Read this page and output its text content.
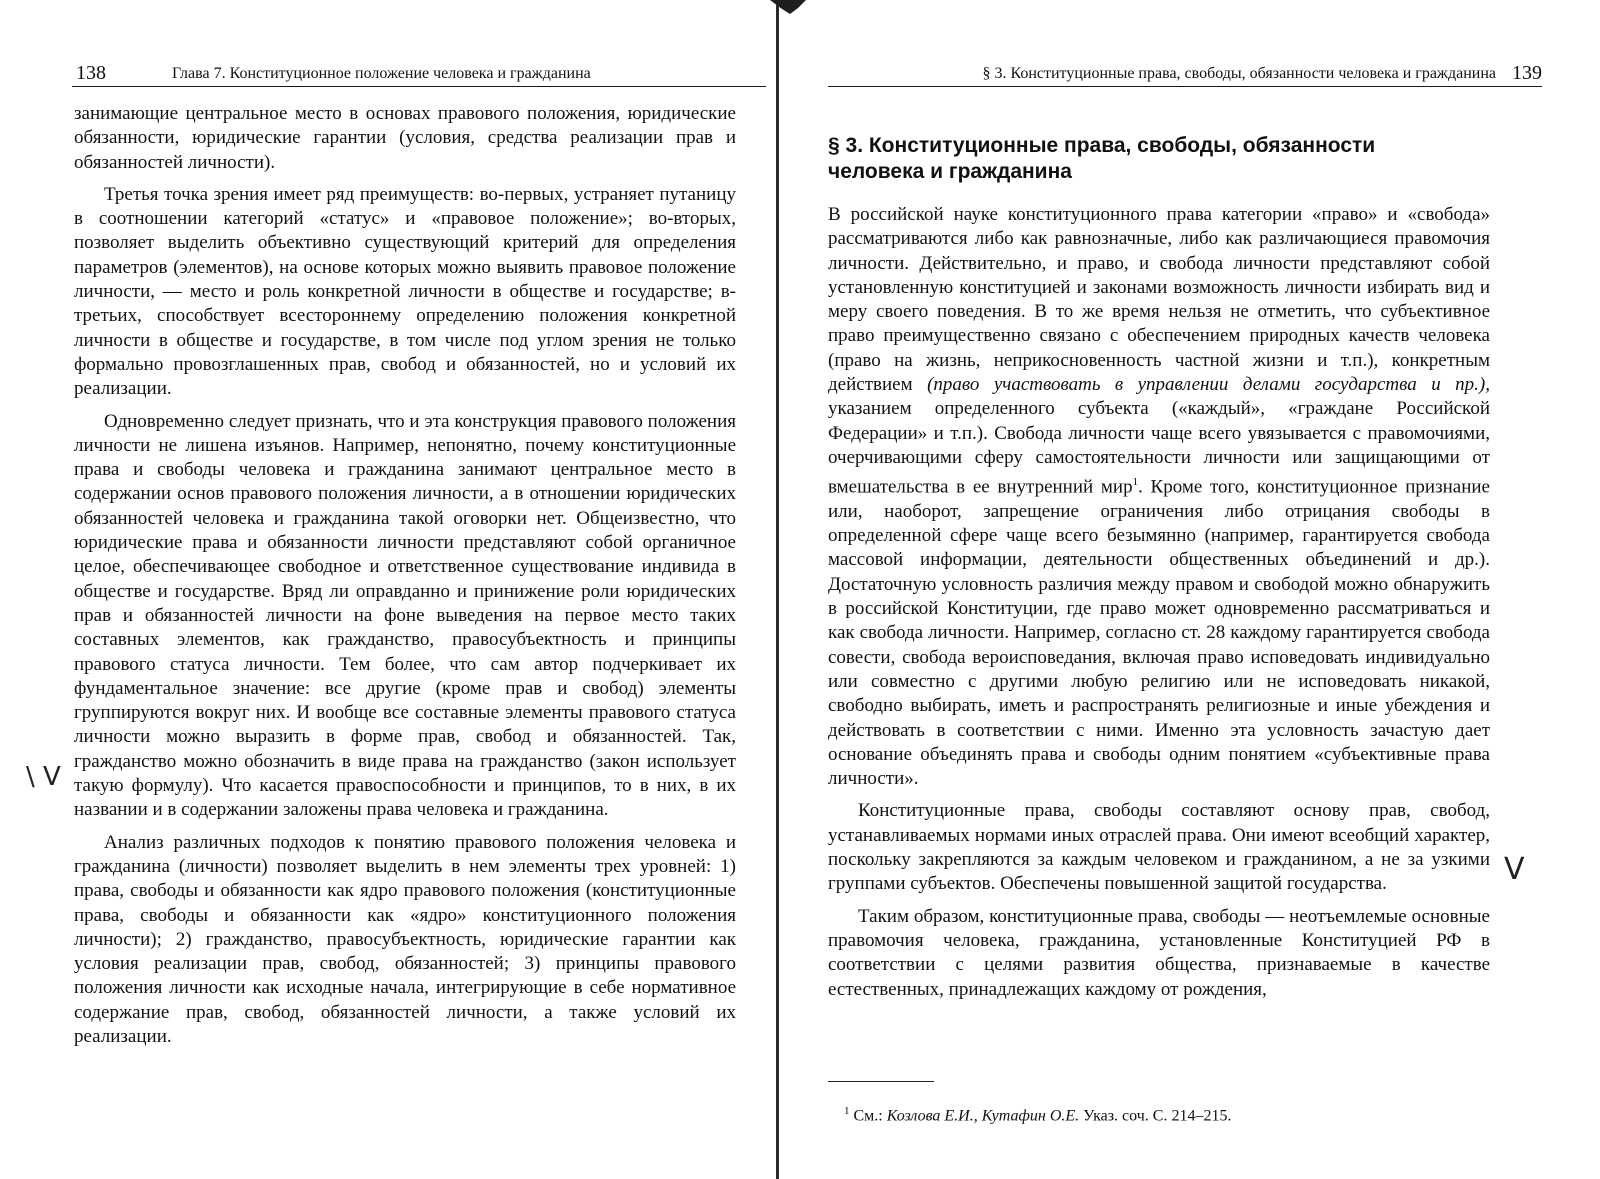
138	Глава 7. Конституционное положение человека и гражданина

занимающие центральное место в основах правового положения, юридические обязанности, юридические гарантии (условия, средства реализации прав и обязанностей личности).

Третья точка зрения имеет ряд преимуществ: во-первых, устраняет путаницу в соотношении категорий «статус» и «правовое положение»; во-вторых, позволяет выделить объективно существующий критерий для определения параметров (элементов), на основе которых можно выявить правовое положение личности, — место и роль конкретной личности в обществе и государстве; в-третьих, способствует всестороннему определению положения конкретной личности в обществе и государстве, в том числе под углом зрения не только формально провозглашенных прав, свобод и обязанностей, но и условий их реализации.

Одновременно следует признать, что и эта конструкция правового положения личности не лишена изъянов. Например, непонятно, почему конституционные права и свободы человека и гражданина занимают центральное место в содержании основ правового положения личности, а в отношении юридических обязанностей человека и гражданина такой оговорки нет. Общеизвестно, что юридические права и обязанности личности представляют собой органичное целое, обеспечивающее свободное и ответственное существование индивида в обществе и государстве. Вряд ли оправданно и принижение роли юридических прав и обязанностей личности на фоне выведения на первое место таких составных элементов, как гражданство, правосубъектность и принципы правового статуса личности. Тем более, что сам автор подчеркивает их фундаментальное значение: все другие (кроме прав и свобод) элементы группируются вокруг них. И вообще все составные элементы правового статуса личности можно выразить в форме прав, свобод и обязанностей. Так, гражданство можно обозначить в виде права на гражданство (закон использует такую формулу). Что касается правоспособности и принципов, то в них, в их названии и в содержании заложены права человека и гражданина.

Анализ различных подходов к понятию правового положения человека и гражданина (личности) позволяет выделить в нем элементы трех уровней: 1) права, свободы и обязанности как ядро правового положения (конституционные права, свободы и обязанности как «ядро» конституционного положения личности); 2) гражданство, правосубъектность, юридические гарантии как условия реализации прав, свобод, обязанностей; 3) принципы правового положения личности как исходные начала, интегрирующие в себе нормативное содержание прав, свобод, обязанностей личности, а также условий их реализации.

\ V
§ 3. Конституционные права, свободы, обязанности человека и гражданина 139
§ 3. Конституционные права, свободы, обязанности человека и гражданина

В российской науке конституционного права категории «право» и «свобода» рассматриваются либо как равнозначные, либо как различающиеся правомочия личности. Действительно, и право, и свобода личности представляют собой установленную конституцией и законами возможность личности избирать вид и меру своего поведения. В то же время нельзя не отметить, что субъективное право преимущественно связано с обеспечением природных качеств человека (право на жизнь, неприкосновенность частной жизни и т.п.), конкретным действием (право участвовать в управлении делами государства и пр.), указанием определенного субъекта («каждый», «граждане Российской Федерации» и т.п.). Свобода личности чаще всего увязывается с правомочиями, очерчивающими сферу самостоятельности личности или защищающими от вмешательства в ее внутренний мир$^1$. Кроме того, конституционное признание или, наоборот, запрещение ограничения либо отрицания свободы в определенной сфере чаще всего безымянно (например, гарантируется свобода массовой информации, деятельности общественных объединений и др.). Достаточную условность различия между правом и свободой можно обнаружить в российской Конституции, где право может одновременно рассматриваться и как свобода личности. Например, согласно ст. 28 каждому гарантируется свобода совести, свобода вероисповедания, включая право исповедовать индивидуально или совместно с другими любую религию или не исповедовать никакой, свободно выбирать, иметь и распространять религиозные и иные убеждения и действовать в соответствии с ними. Именно эта условность зачастую дает основание объединять права и свободы одним понятием «субъективные права личности».

Конституционные права, свободы составляют основу прав, свобод, устанавливаемых нормами иных отраслей права. Они имеют всеобщий характер, поскольку закрепляются за каждым человеком и гражданином, а не за узкими группами субъектов. Обеспечены повышенной защитой государства.

Таким образом, конституционные права, свободы — неотъемлемые основные правомочия человека, гражданина, установленные Конституцией РФ в соответствии с целями развития общества, признаваемые в качестве естественных, принадлежащих каждому от рождения,

$^1$ См.: Козлова Е.И., Кутафин О.Е. Указ. соч. С. 214–215.
V
